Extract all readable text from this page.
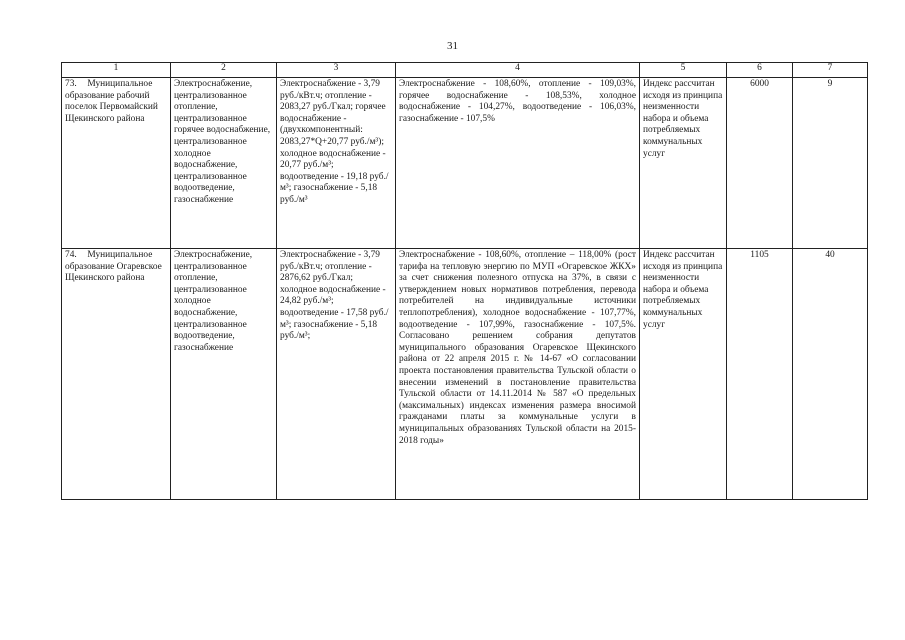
31
1	2	3	4	5	6	7
73. Муниципальное образование рабочий поселок Первомайский Щекинского района	Электроснабжение, централизованное отопление, централизованное горячее водоснабжение, централизованное холодное водоснабжение, централизованное водоотведение, газоснабжение	Электроснабжение - 3,79 руб./кВт.ч; отопление - 2083,27 руб./Гкал; горячее водоснабжение - (двухкомпонентный: 2083,27*Q+20,77 руб./м³); холодное водоснабжение - 20,77 руб./м³; водоотведение - 19,18 руб./м³; газоснабжение - 5,18 руб./м³	Электроснабжение - 108,60%, отопление - 109,03%, горячее водоснабжение - 108,53%, холодное водоснабжение - 104,27%, водоотведение - 106,03%, газоснабжение - 107,5%	Индекс рассчитан исходя из принципа неизменности набора и объема потребляемых коммунальных услуг	6000	9
74. Муниципальное образование Огаревское Щекинского района	Электроснабжение, централизованное отопление, централизованное холодное водоснабжение, централизованное водоотведение, газоснабжение	Электроснабжение - 3,79 руб./кВт.ч; отопление - 2876,62 руб./Гкал; холодное водоснабжение - 24,82 руб./м³; водоотведение - 17,58 руб./м³; газоснабжение - 5,18 руб./м³;	Электроснабжение - 108,60%, отопление – 118,00% (рост тарифа на тепловую энергию по МУП «Огаревское ЖКХ» за счет снижения полезного отпуска на 37%, в связи с утверждением новых нормативов потребления, перевода потребителей на индивидуальные источники теплопотребления), холодное водоснабжение - 107,77%, водоотведение - 107,99%, газоснабжение - 107,5%. Согласовано решением собрания депутатов муниципального образования Огаревское Щекинского района от 22 апреля 2015 г. № 14-67 «О согласовании проекта постановления правительства Тульской области о внесении изменений в постановление правительства Тульской области от 14.11.2014 № 587 «О предельных (максимальных) индексах изменения размера вносимой гражданами платы за коммунальные услуги в муниципальных образованиях Тульской области на 2015-2018 годы»	Индекс рассчитан исходя из принципа неизменности набора и объема потребляемых коммунальных услуг	1105	40
